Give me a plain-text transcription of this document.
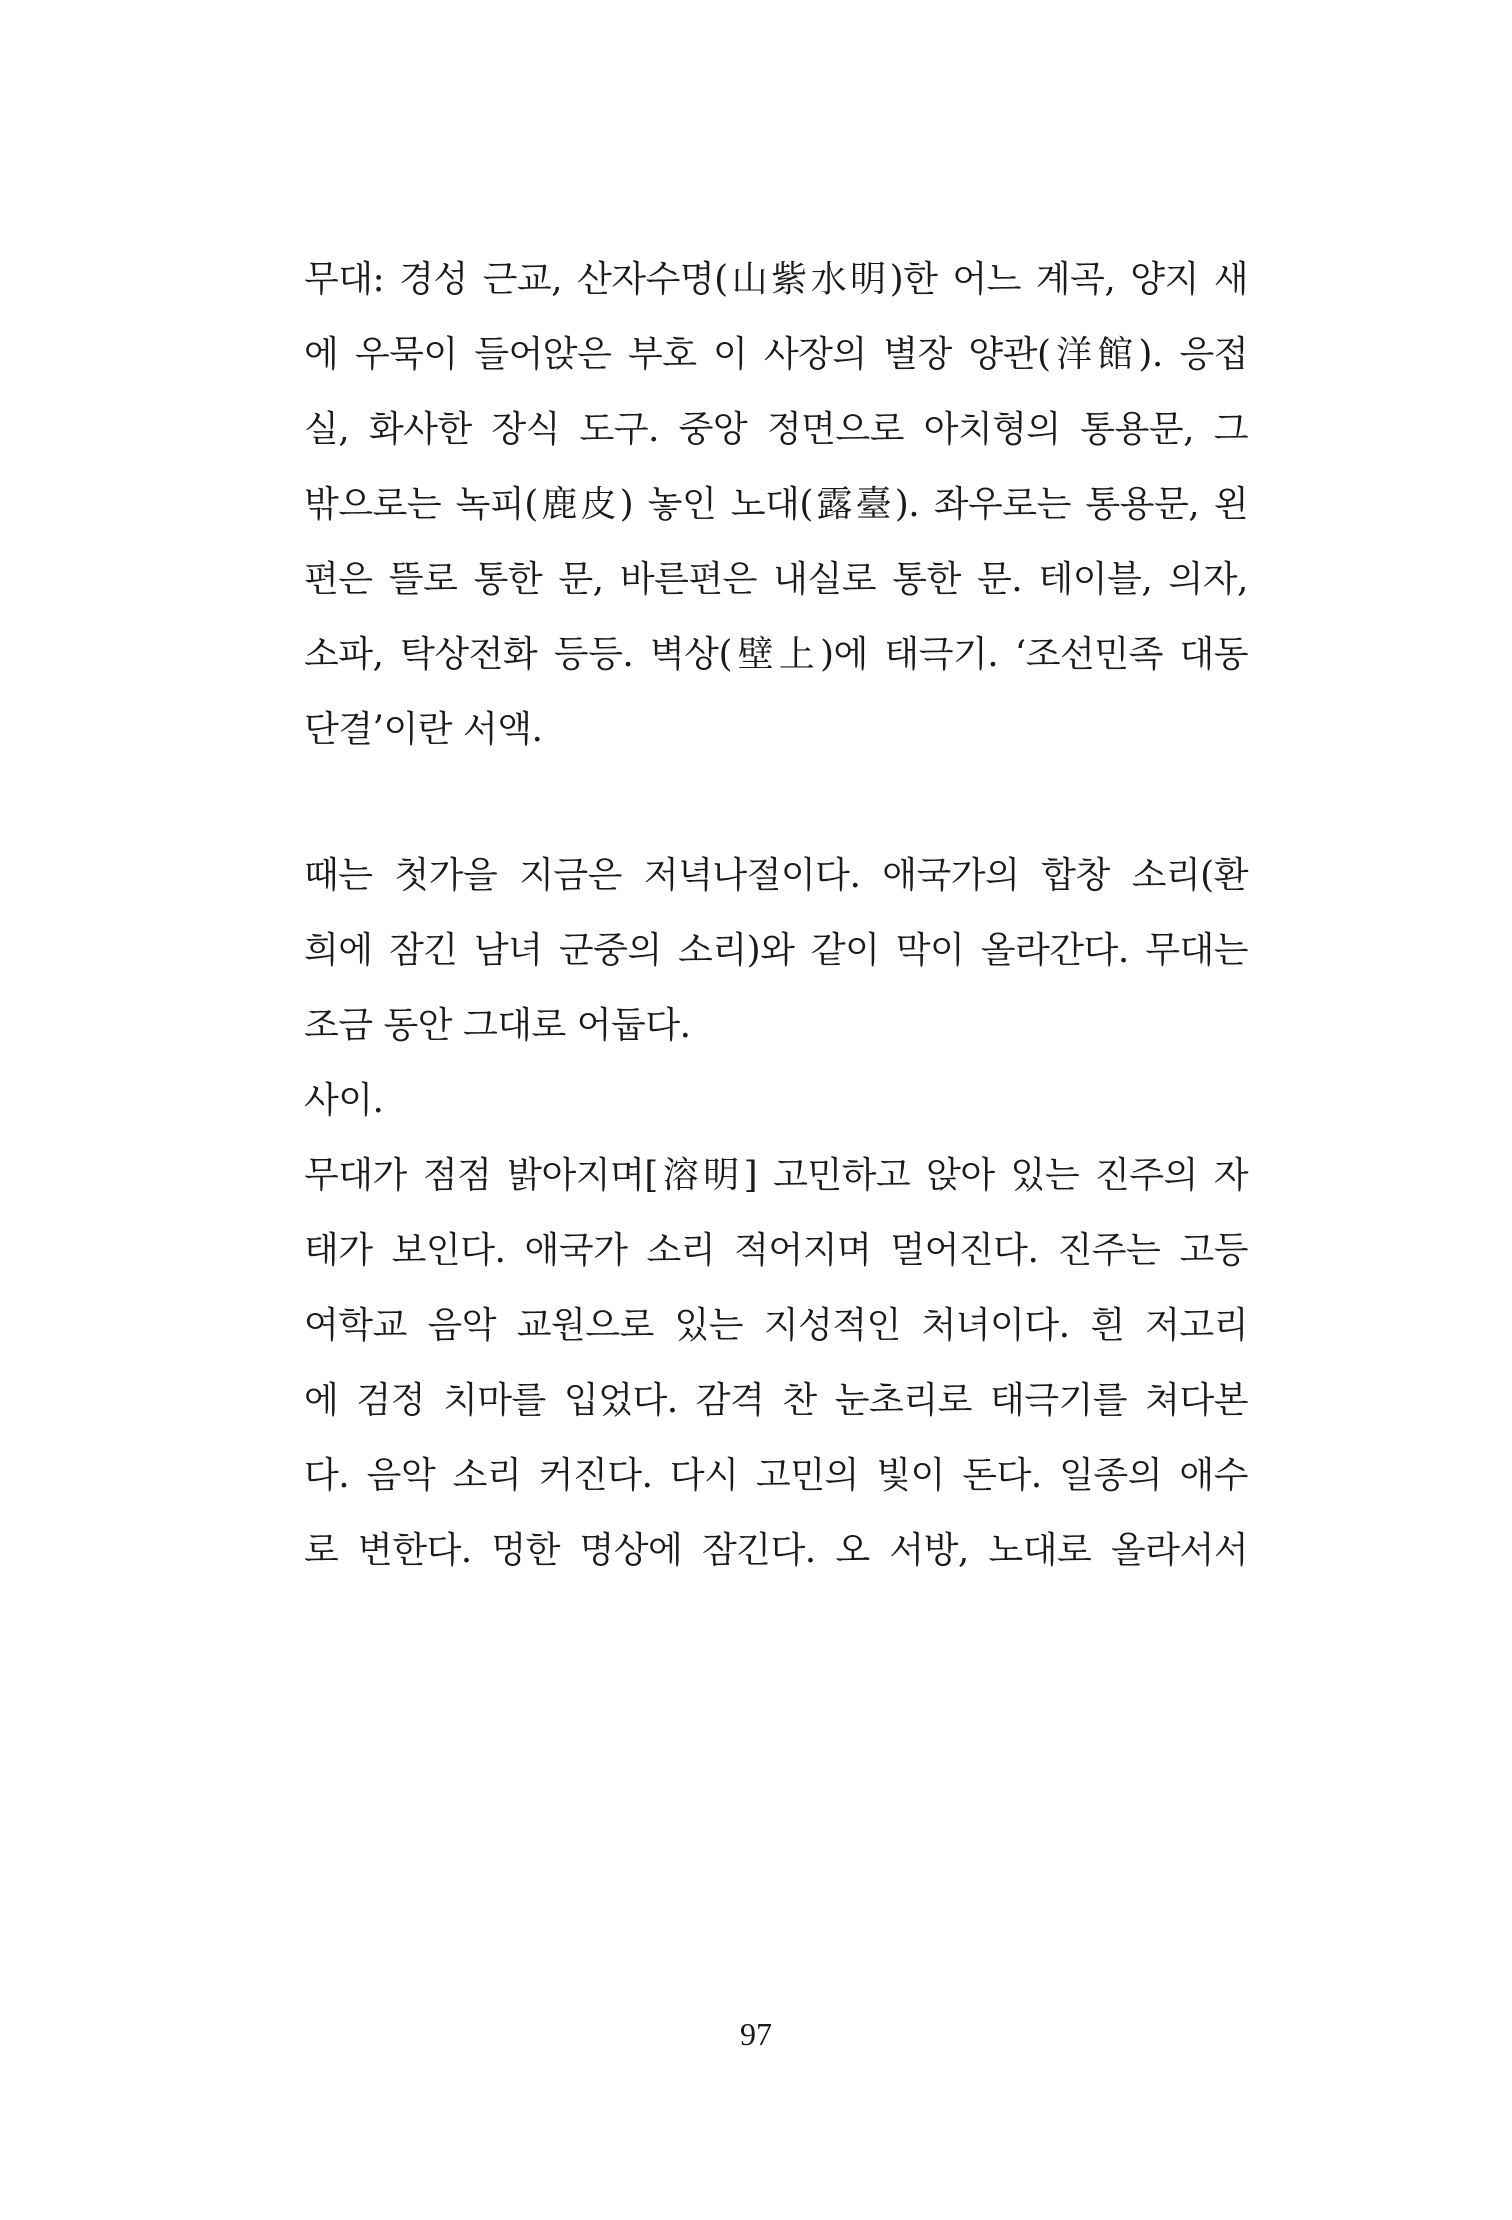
무대: 경성 근교, 산자수명(山紫水明)한 어느 계곡, 양지 새
에 우묵이 들어앉은 부호 이 사장의 별장 양관(洋館). 응접
실, 화사한 장식 도구. 중앙 정면으로 아치형의 통용문, 그
밖으로는 녹피(鹿皮) 놓인 노대(露臺). 좌우로는 통용문, 왼
편은 뜰로 통한 문, 바른편은 내실로 통한 문. 테이블, 의자,
소파, 탁상전화 등등. 벽상(壁上)에 태극기. ‘조선민족 대동
단결’이란 서액.
때는 첫가을 지금은 저녁나절이다. 애국가의 합창 소리(환
희에 잠긴 남녀 군중의 소리)와 같이 막이 올라간다. 무대는
조금 동안 그대로 어둡다.
사이.
무대가 점점 밝아지며[溶明] 고민하고 앉아 있는 진주의 자
태가 보인다. 애국가 소리 적어지며 멀어진다. 진주는 고등
여학교 음악 교원으로 있는 지성적인 처녀이다. 흰 저고리
에 검정 치마를 입었다. 감격 찬 눈초리로 태극기를 쳐다본
다. 음악 소리 커진다. 다시 고민의 빛이 돈다. 일종의 애수
로 변한다. 멍한 명상에 잠긴다. 오 서방, 노대로 올라서서
97
